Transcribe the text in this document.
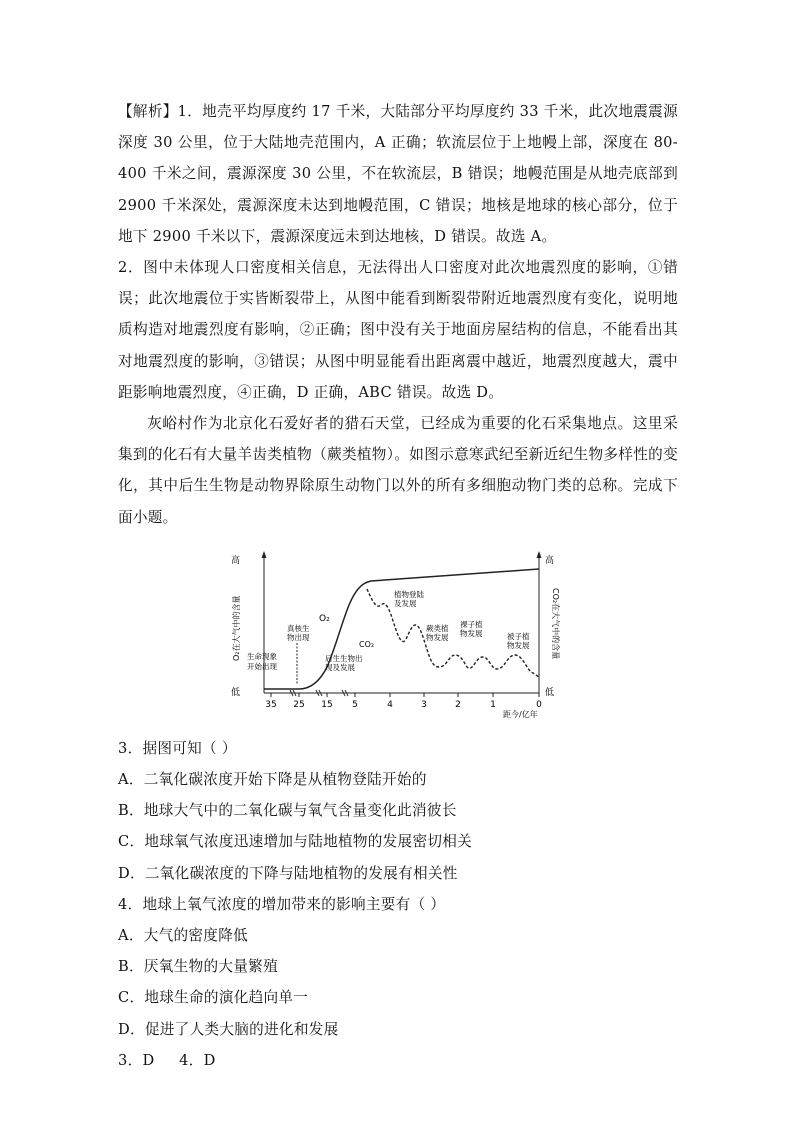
【解析】1．地壳平均厚度约 17 千米，大陆部分平均厚度约 33 千米，此次地震震源深度 30 公里，位于大陆地壳范围内，A 正确；软流层位于上地幔上部，深度在 80-400 千米之间，震源深度 30 公里，不在软流层，B 错误；地幔范围是从地壳底部到 2900 千米深处，震源深度未达到地幔范围，C 错误；地核是地球的核心部分，位于地下 2900 千米以下，震源深度远未到达地核，D 错误。故选 A。

2．图中未体现人口密度相关信息，无法得出人口密度对此次地震烈度的影响，①错误；此次地震位于实皆断裂带上，从图中能看到断裂带附近地震烈度有变化，说明地质构造对地震烈度有影响，②正确；图中没有关于地面房屋结构的信息，不能看出其对地震烈度的影响，③错误；从图中明显能看出距离震中越近，地震烈度越大，震中距影响地震烈度，④正确，D 正确，ABC 错误。故选 D。

灰峪村作为北京化石爱好者的猎石天堂，已经成为重要的化石采集地点。这里采集到的化石有大量羊齿类植物（蕨类植物）。如图示意寒武纪至新近纪生物多样性的变化，其中后生生物是动物界除原生动物门以外的所有多细胞动物门类的总称。完成下面小题。

高
低
高
低
O₂在大气中的含量	CO₂在大气中的含量
35 25 15 5	4	3	2	1	0
距今/亿年
O₂
CO₂
生命现象
开始出现
真核生
物出现
后生生物出
现及发展
植物登陆
及发展
蕨类植
物发展
裸子植
物发展	被子植
物发展

3．据图可知（ ）

A．二氧化碳浓度开始下降是从植物登陆开始的

B．地球大气中的二氧化碳与氧气含量变化此消彼长

C．地球氧气浓度迅速增加与陆地植物的发展密切相关

D．二氧化碳浓度的下降与陆地植物的发展有相关性

4．地球上氧气浓度的增加带来的影响主要有（ ）

A．大气的密度降低

B．厌氧生物的大量繁殖

C．地球生命的演化趋向单一

D．促进了人类大脑的进化和发展

3．D     4．D
